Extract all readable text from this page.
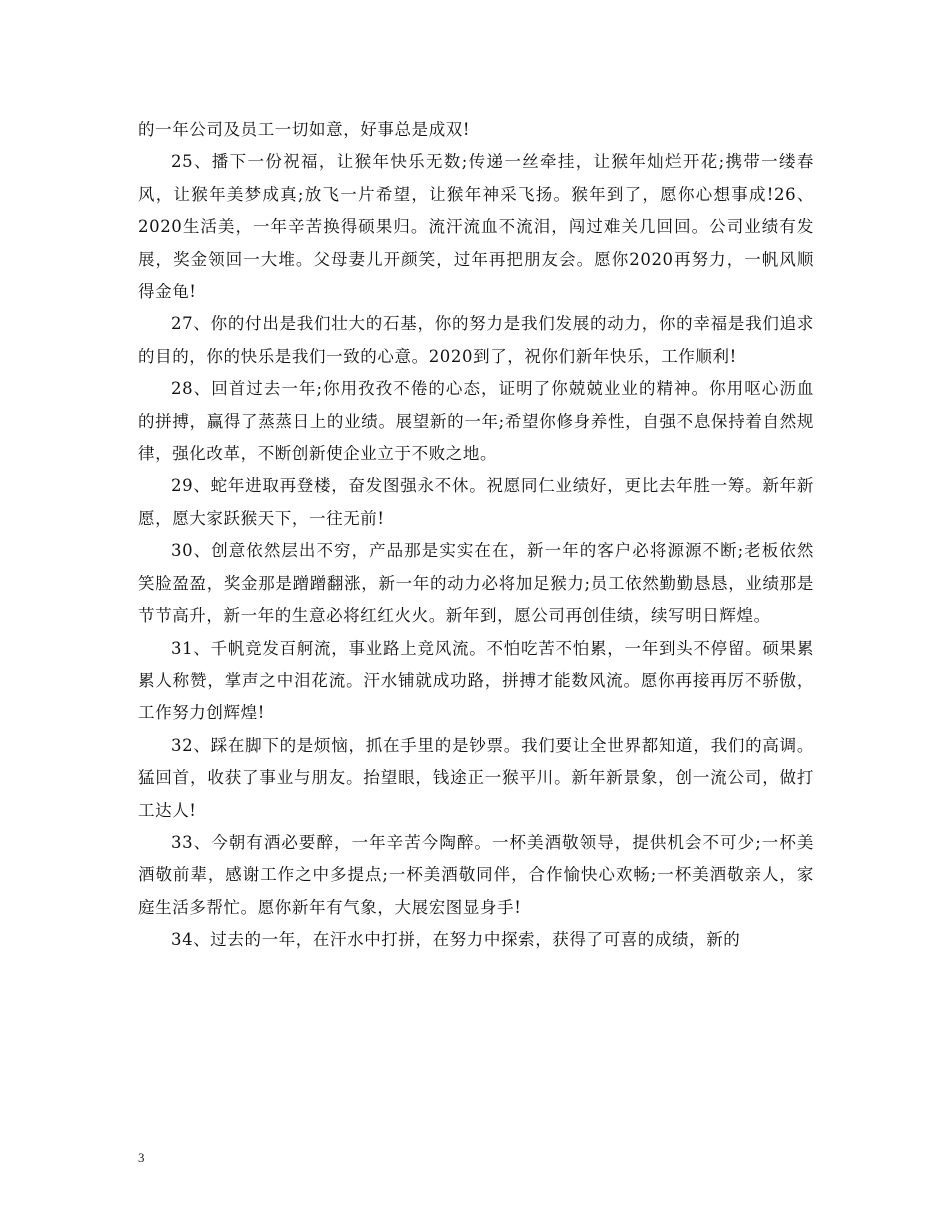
的一年公司及员工一切如意，好事总是成双!

25、播下一份祝福，让猴年快乐无数;传递一丝牵挂，让猴年灿烂开花;携带一缕春风，让猴年美梦成真;放飞一片希望，让猴年神采飞扬。猴年到了，愿你心想事成!26、2020生活美，一年辛苦换得硕果归。流汗流血不流泪，闯过难关几回回。公司业绩有发展，奖金领回一大堆。父母妻儿开颜笑，过年再把朋友会。愿你2020再努力，一帆风顺得金龟!

27、你的付出是我们壮大的石基，你的努力是我们发展的动力，你的幸福是我们追求的目的，你的快乐是我们一致的心意。2020到了，祝你们新年快乐，工作顺利!

28、回首过去一年;你用孜孜不倦的心态，证明了你兢兢业业的精神。你用呕心沥血的拼搏，赢得了蒸蒸日上的业绩。展望新的一年;希望你修身养性，自强不息保持着自然规律，强化改革，不断创新使企业立于不败之地。

29、蛇年进取再登楼，奋发图强永不休。祝愿同仁业绩好，更比去年胜一筹。新年新愿，愿大家跃猴天下，一往无前!

30、创意依然层出不穷，产品那是实实在在，新一年的客户必将源源不断;老板依然笑脸盈盈，奖金那是蹭蹭翻涨，新一年的动力必将加足猴力;员工依然勤勤恳恳，业绩那是节节高升，新一年的生意必将红红火火。新年到，愿公司再创佳绩，续写明日辉煌。

31、千帆竞发百舸流，事业路上竞风流。不怕吃苦不怕累，一年到头不停留。硕果累累人称赞，掌声之中泪花流。汗水铺就成功路，拼搏才能数风流。愿你再接再厉不骄傲，工作努力创辉煌!

32、踩在脚下的是烦恼，抓在手里的是钞票。我们要让全世界都知道，我们的高调。猛回首，收获了事业与朋友。抬望眼，钱途正一猴平川。新年新景象，创一流公司，做打工达人!

33、今朝有酒必要醉，一年辛苦今陶醉。一杯美酒敬领导，提供机会不可少;一杯美酒敬前辈，感谢工作之中多提点;一杯美酒敬同伴，合作愉快心欢畅;一杯美酒敬亲人，家庭生活多帮忙。愿你新年有气象，大展宏图显身手!

34、过去的一年，在汗水中打拼，在努力中探索，获得了可喜的成绩，新的

3
